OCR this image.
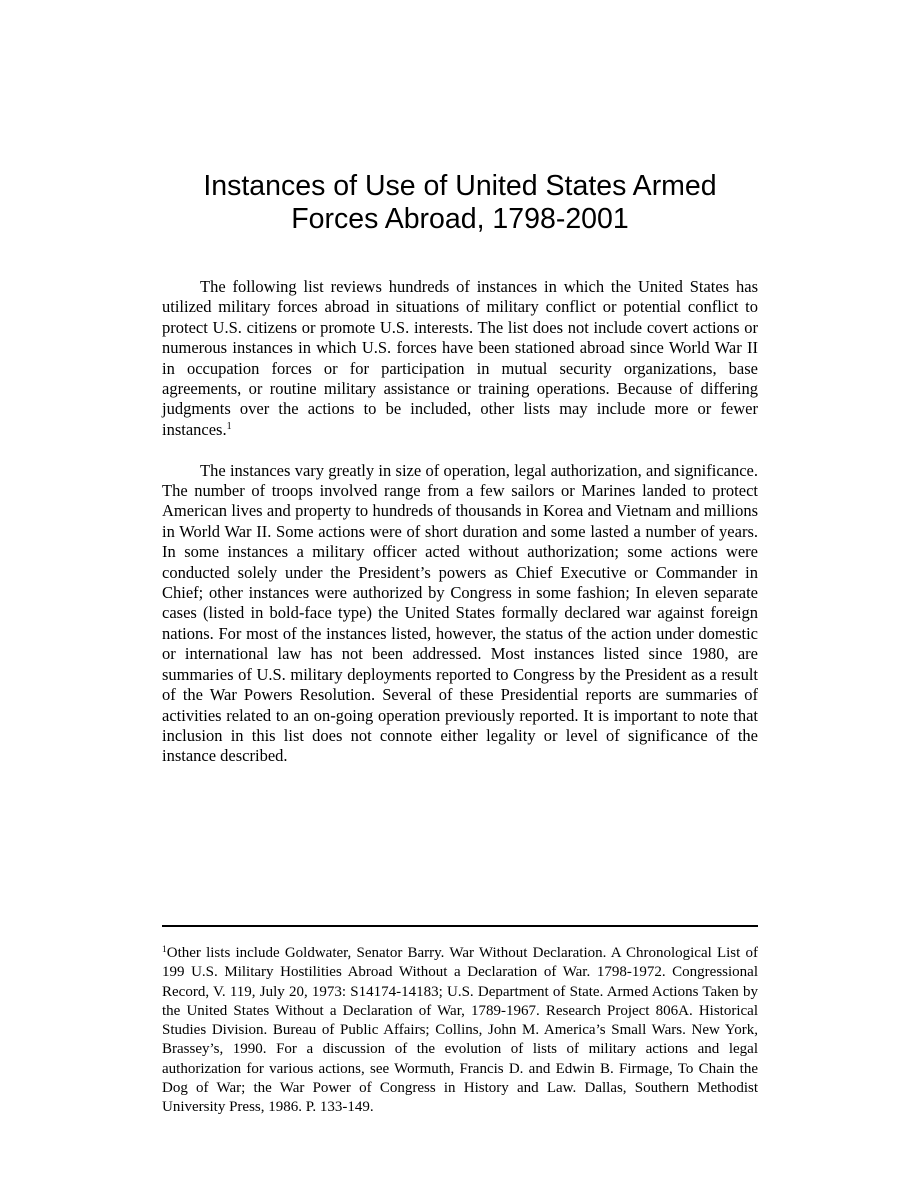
Instances of Use of United States Armed
Forces Abroad, 1798-2001

The following list reviews hundreds of instances in which the United States has utilized military forces abroad in situations of military conflict or potential conflict to protect U.S. citizens or promote U.S. interests. The list does not include covert actions or numerous instances in which U.S. forces have been stationed abroad since World War II in occupation forces or for participation in mutual security organizations, base agreements, or routine military assistance or training operations. Because of differing judgments over the actions to be included, other lists may include more or fewer instances.$^1$

The instances vary greatly in size of operation, legal authorization, and significance. The number of troops involved range from a few sailors or Marines landed to protect American lives and property to hundreds of thousands in Korea and Vietnam and millions in World War II. Some actions were of short duration and some lasted a number of years. In some instances a military officer acted without authorization; some actions were conducted solely under the President’s powers as Chief Executive or Commander in Chief; other instances were authorized by Congress in some fashion; In eleven separate cases (listed in bold-face type) the United States formally declared war against foreign nations. For most of the instances listed, however, the status of the action under domestic or international law has not been addressed. Most instances listed since 1980, are summaries of U.S. military deployments reported to Congress by the President as a result of the War Powers Resolution. Several of these Presidential reports are summaries of activities related to an on-going operation previously reported. It is important to note that inclusion in this list does not connote either legality or level of significance of the instance described.

$^1$Other lists include Goldwater, Senator Barry. War Without Declaration. A Chronological List of 199 U.S. Military Hostilities Abroad Without a Declaration of War. 1798-1972. Congressional Record, V. 119, July 20, 1973: S14174-14183; U.S. Department of State. Armed Actions Taken by the United States Without a Declaration of War, 1789-1967. Research Project 806A. Historical Studies Division. Bureau of Public Affairs; Collins, John M. America’s Small Wars. New York, Brassey’s, 1990. For a discussion of the evolution of lists of military actions and legal authorization for various actions, see Wormuth, Francis D. and Edwin B. Firmage, To Chain the Dog of War; the War Power of Congress in History and Law. Dallas, Southern Methodist University Press, 1986. P. 133-149.
